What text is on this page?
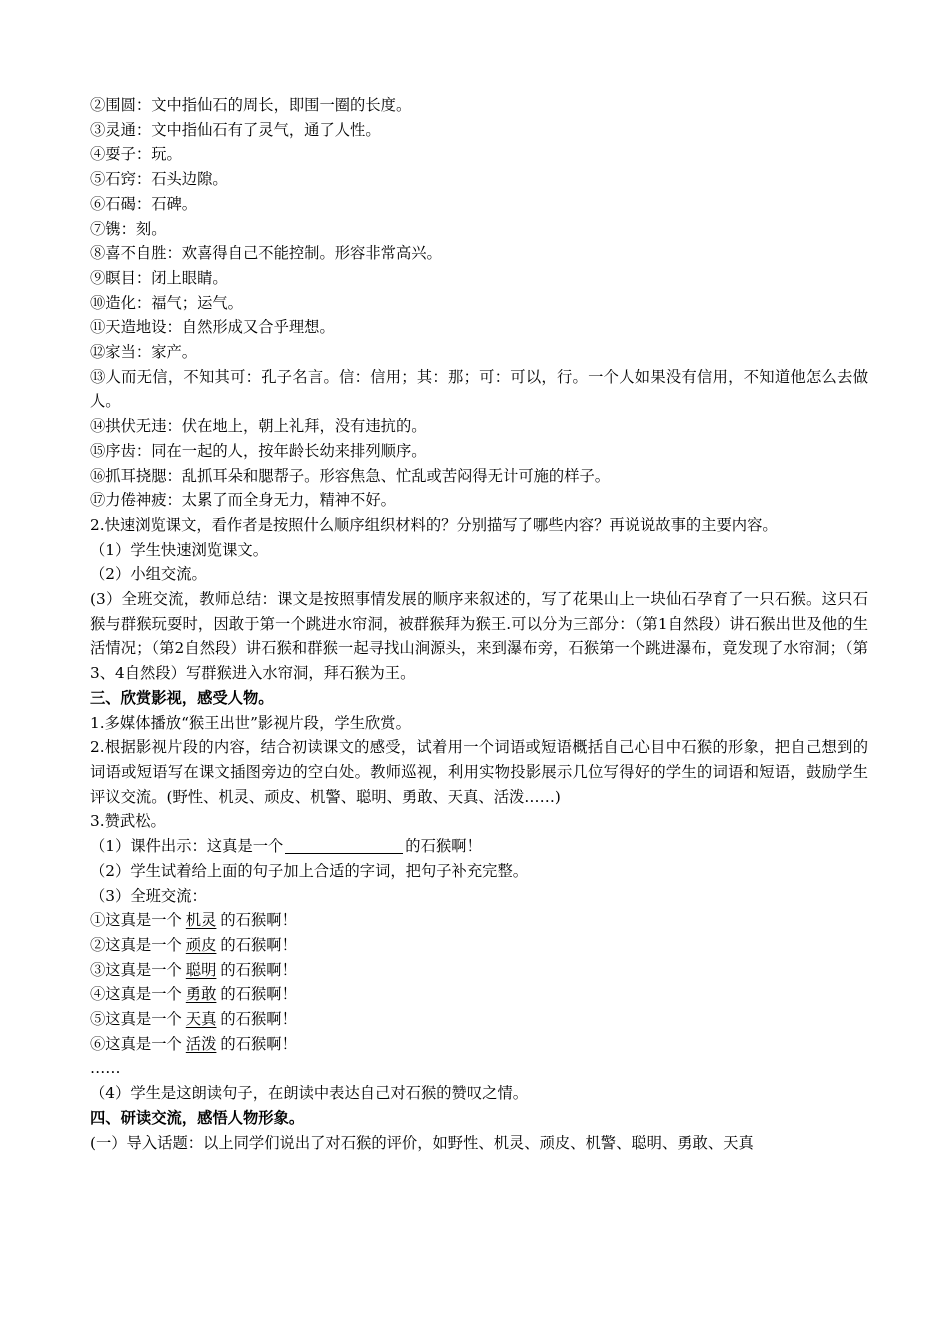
②围圆：文中指仙石的周长，即围一圈的长度。
③灵通：文中指仙石有了灵气，通了人性。
④耍子：玩。
⑤石窍：石头边隙。
⑥石碣：石碑。
⑦镌：刻。
⑧喜不自胜：欢喜得自己不能控制。形容非常高兴。
⑨瞑目：闭上眼睛。
⑩造化：福气；运气。
⑪天造地设：自然形成又合乎理想。
⑫家当：家产。
⑬人而无信，不知其可：孔子名言。信：信用；其：那；可：可以，行。一个人如果没有信用，不知道他怎么去做人。
⑭拱伏无违：伏在地上，朝上礼拜，没有违抗的。
⑮序齿：同在一起的人，按年龄长幼来排列顺序。
⑯抓耳挠腮：乱抓耳朵和腮帮子。形容焦急、忙乱或苦闷得无计可施的样子。
⑰力倦神疲：太累了而全身无力，精神不好。
2.快速浏览课文，看作者是按照什么顺序组织材料的？分别描写了哪些内容？再说说故事的主要内容。
（1）学生快速浏览课文。
（2）小组交流。
(3）全班交流，教师总结：课文是按照事情发展的顺序来叙述的，写了花果山上一块仙石孕育了一只石猴。这只石猴与群猴玩耍时，因敢于第一个跳进水帘洞，被群猴拜为猴王.可以分为三部分：（第1自然段）讲石猴出世及他的生活情况；（第2自然段）讲石猴和群猴一起寻找山涧源头，来到瀑布旁，石猴第一个跳进瀑布，竟发现了水帘洞；（第3、4自然段）写群猴进入水帘洞，拜石猴为王。
三、欣赏影视，感受人物。
1.多媒体播放“猴王出世”影视片段，学生欣赏。
2.根据影视片段的内容，结合初读课文的感受，试着用一个词语或短语概括自己心目中石猴的形象，把自己想到的词语或短语写在课文插图旁边的空白处。教师巡视，利用实物投影展示几位写得好的学生的词语和短语，鼓励学生评议交流。(野性、机灵、顽皮、机警、聪明、勇敢、天真、活泼……)
3.赞武松。
（1）课件出示：这真是一个	的石猴啊！
（2）学生试着给上面的句子加上合适的字词，把句子补充完整。
（3）全班交流：
①这真是一个 机灵 的石猴啊！
②这真是一个 顽皮 的石猴啊！
③这真是一个 聪明 的石猴啊！
④这真是一个 勇敢 的石猴啊！
⑤这真是一个 天真 的石猴啊！
⑥这真是一个 活泼 的石猴啊！
……
（4）学生是这朗读句子，在朗读中表达自己对石猴的赞叹之情。
四、研读交流，感悟人物形象。
(一）导入话题：以上同学们说出了对石猴的评价，如野性、机灵、顽皮、机警、聪明、勇敢、天真
